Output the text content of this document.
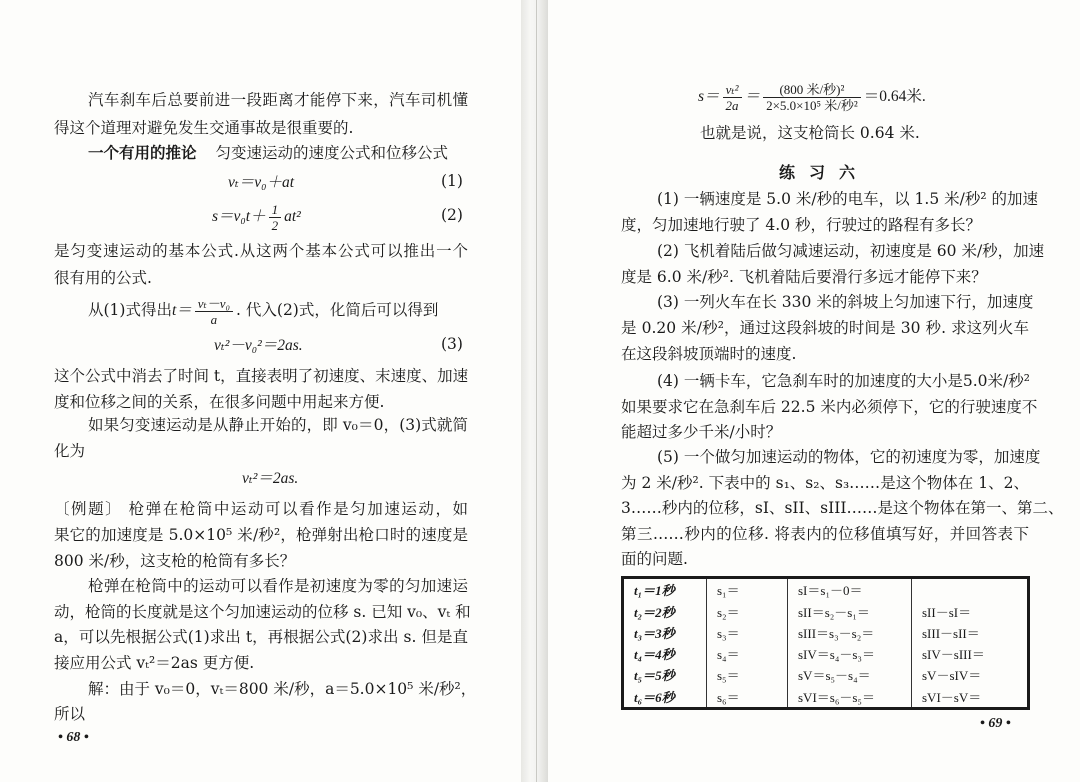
汽车刹车后总要前进一段距离才能停下来，汽车司机懂
得这个道理对避免发生交通事故是很重要的.
一个有用的推论 匀变速运动的速度公式和位移公式
vₜ＝v₀＋at	(1)
$s=v_0t+ \frac{1}{2} at^2$	(2)
是匀变速运动的基本公式.从这两个基本公式可以推出一个
很有用的公式.
从(1)式得出$t= \frac{\text{vₜ－v₀}}{a}$ . 代入(2)式，化简后可以得到
vₜ²－v₀²＝2as.	(3)
这个公式中消去了时间 t，直接表明了初速度、末速度、加速
度和位移之间的关系，在很多问题中用起来方便.
如果匀变速运动是从静止开始的，即 v₀＝0，(3)式就简
化为
vₜ²＝2as.
〔例题〕 枪弹在枪筒中运动可以看作是匀加速运动，如
果它的加速度是 5.0×10⁵ 米/秒²，枪弹射出枪口时的速度是
800 米/秒，这支枪的枪筒有多长？
枪弹在枪筒中的运动可以看作是初速度为零的匀加速运
动，枪筒的长度就是这个匀加速运动的位移 s. 已知 v₀、vₜ 和
a，可以先根据公式(1)求出 t，再根据公式(2)求出 s. 但是直
接应用公式 vₜ²＝2as 更方便.
解：由于 v₀＝0，vₜ＝800 米/秒，a＝5.0×10⁵ 米/秒²，
所以
• 68 •
$s= \frac{\text{vₜ²}}{2a} = \frac{\text{(800 米/秒)²}}{\text{2×5.0×10⁵ 米/秒²}} =0.64$米.
也就是说，这支枪筒长 0.64 米.
练习六
(1) 一辆速度是 5.0 米/秒的电车，以 1.5 米/秒² 的加速
度，匀加速地行驶了 4.0 秒，行驶过的路程有多长？
(2) 飞机着陆后做匀减速运动，初速度是 60 米/秒，加速
度是 6.0 米/秒². 飞机着陆后要滑行多远才能停下来？
(3) 一列火车在长 330 米的斜坡上匀加速下行，加速度
是 0.20 米/秒²，通过这段斜坡的时间是 30 秒. 求这列火车
在这段斜坡顶端时的速度.
(4) 一辆卡车，它急刹车时的加速度的大小是5.0米/秒²
如果要求它在急刹车后 22.5 米内必须停下，它的行驶速度不
能超过多少千米/小时？
(5) 一个做匀加速运动的物体，它的初速度为零，加速度
为 2 米/秒². 下表中的 s₁、s₂、s₃……是这个物体在 1、2、
3……秒内的位移，sI、sII、sIII……是这个物体在第一、第二、
第三……秒内的位移. 将表内的位移值填写好，并回答表下
面的问题.
t₁＝1秒	s₁＝	sI＝s₁－0＝	
t₂＝2秒	s₂＝	sII＝s₂－s₁＝	sII－sI＝
t₃＝3秒	s₃＝	sIII＝s₃－s₂＝	sIII－sII＝
t₄＝4秒	s₄＝	sIV＝s₄－s₃＝	sIV－sIII＝
t₅＝5秒	s₅＝	sV＝s₅－s₄＝	sV－sIV＝
t₆＝6秒	s₆＝	sVI＝s₆－s₅＝	sVI－sV＝
• 69 •
